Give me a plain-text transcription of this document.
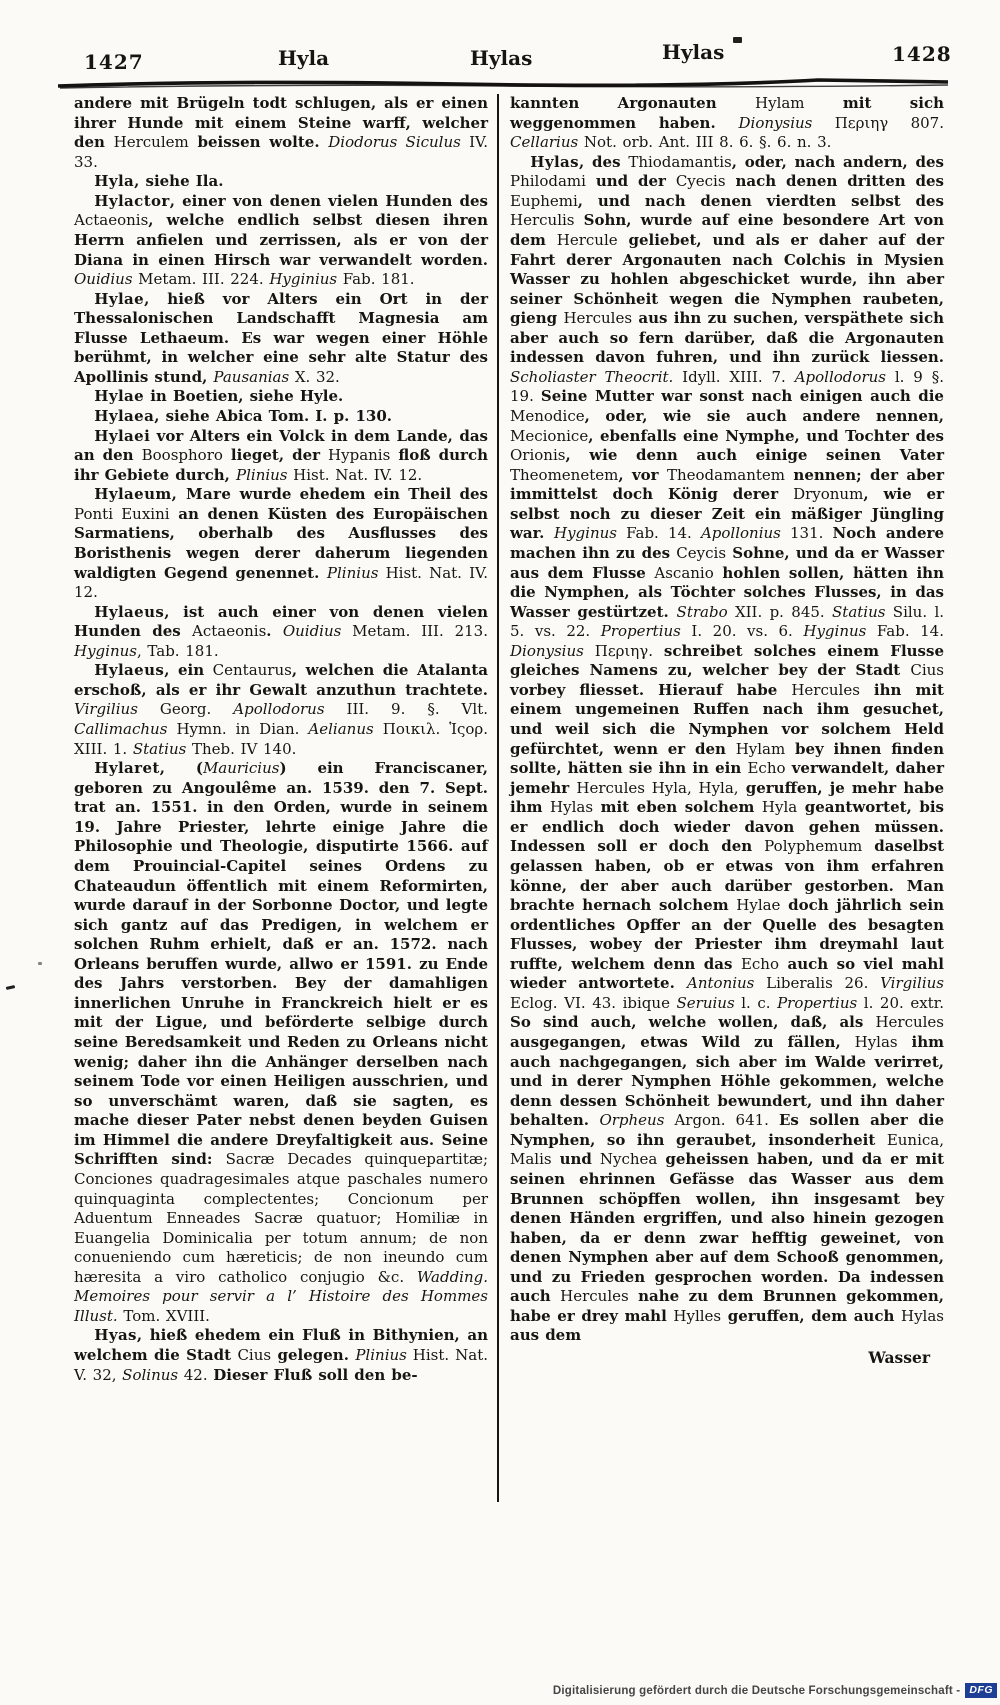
1427	Hyla	Hylas	Hylas	1428

andere mit Brügeln todt schlugen, als er einen ihrer Hunde mit einem Steine warff, welcher den Herculem beissen wolte. Diodorus Siculus IV. 33.

Hyla, siehe Ila.

Hylactor, einer von denen vielen Hunden des Actaeonis, welche endlich selbst diesen ihren Herrn anfielen und zerrissen, als er von der Diana in einen Hirsch war verwandelt worden. Ouidius Metam. III. 224. Hyginius Fab. 181.

Hylae, hieß vor Alters ein Ort in der Thessalonischen Landschafft Magnesia am Flusse Lethaeum. Es war wegen einer Höhle berühmt, in welcher eine sehr alte Statur des Apollinis stund, Pausanias X. 32.

Hylae in Boetien, siehe Hyle.

Hylaea, siehe Abica Tom. I. p. 130.

Hylaei vor Alters ein Volck in dem Lande, das an den Boosphoro lieget, der Hypanis floß durch ihr Gebiete durch, Plinius Hist. Nat. IV. 12.

Hylaeum, Mare wurde ehedem ein Theil des Ponti Euxini an denen Küsten des Europäischen Sarmatiens, oberhalb des Ausflusses des Boristhenis wegen derer daherum liegenden waldigten Gegend genennet. Plinius Hist. Nat. IV. 12.

Hylaeus, ist auch einer von denen vielen Hunden des Actaeonis. Ouidius Metam. III. 213. Hyginus, Tab. 181.

Hylaeus, ein Centaurus, welchen die Atalanta erschoß, als er ihr Gewalt anzuthun trachtete. Virgilius Georg. Apollodorus III. 9. §. Vlt. Callimachus Hymn. in Dian. Aelianus Ποικιλ. Ἱςορ. XIII. 1. Statius Theb. IV 140.

Hylaret, (Mauricius) ein Franciscaner, geboren zu Angoulême an. 1539. den 7. Sept. trat an. 1551. in den Orden, wurde in seinem 19. Jahre Priester, lehrte einige Jahre die Philosophie und Theologie, disputirte 1566. auf dem Prouincial-Capitel seines Ordens zu Chateaudun öffentlich mit einem Reformirten, wurde darauf in der Sorbonne Doctor, und legte sich gantz auf das Predigen, in welchem er solchen Ruhm erhielt, daß er an. 1572. nach Orleans beruffen wurde, allwo er 1591. zu Ende des Jahrs verstorben. Bey der damahligen innerlichen Unruhe in Franckreich hielt er es mit der Ligue, und beförderte selbige durch seine Beredsamkeit und Reden zu Orleans nicht wenig; daher ihn die Anhänger derselben nach seinem Tode vor einen Heiligen ausschrien, und so unverschämt waren, daß sie sagten, es mache dieser Pater nebst denen beyden Guisen im Himmel die andere Dreyfaltigkeit aus. Seine Schrifften sind: Sacræ Decades quinquepartitæ; Conciones quadragesimales atque paschales numero quinquaginta complectentes; Concionum per Aduentum Enneades Sacræ quatuor; Homiliæ in Euangelia Dominicalia per totum annum; de non conueniendo cum hæreticis; de non ineundo cum hæresita a viro catholico conjugio &c. Wadding. Memoires pour servir a l’ Histoire des Hommes Illust. Tom. XVIII.

Hyas, hieß ehedem ein Fluß in Bithynien, an welchem die Stadt Cius gelegen. Plinius Hist. Nat. V. 32, Solinus 42. Dieser Fluß soll den be-

kannten Argonauten Hylam mit sich weggenommen haben. Dionysius Περιηγ 807. Cellarius Not. orb. Ant. III 8. 6. §. 6. n. 3.

Hylas, des Thiodamantis, oder, nach andern, des Philodami und der Cyecis nach denen dritten des Euphemi, und nach denen vierdten selbst des Herculis Sohn, wurde auf eine besondere Art von dem Hercule geliebet, und als er daher auf der Fahrt derer Argonauten nach Colchis in Mysien Wasser zu hohlen abgeschicket wurde, ihn aber seiner Schönheit wegen die Nymphen raubeten, gieng Hercules aus ihn zu suchen, verspäthete sich aber auch so fern darüber, daß die Argonauten indessen davon fuhren, und ihn zurück liessen. Scholiaster Theocrit. Idyll. XIII. 7. Apollodorus l. 9 §. 19. Seine Mutter war sonst nach einigen auch die Menodice, oder, wie sie auch andere nennen, Mecionice, ebenfalls eine Nymphe, und Tochter des Orionis, wie denn auch einige seinen Vater Theomenetem, vor Theodamantem nennen; der aber immittelst doch König derer Dryonum, wie er selbst noch zu dieser Zeit ein mäßiger Jüngling war. Hyginus Fab. 14. Apollonius 131. Noch andere machen ihn zu des Ceycis Sohne, und da er Wasser aus dem Flusse Ascanio hohlen sollen, hätten ihn die Nymphen, als Töchter solches Flusses, in das Wasser gestürtzet. Strabo XII. p. 845. Statius Silu. l. 5. vs. 22. Propertius I. 20. vs. 6. Hyginus Fab. 14. Dionysius Περιηγ. schreibet solches einem Flusse gleiches Namens zu, welcher bey der Stadt Cius vorbey fliesset. Hierauf habe Hercules ihn mit einem ungemeinen Ruffen nach ihm gesuchet, und weil sich die Nymphen vor solchem Held gefürchtet, wenn er den Hylam bey ihnen finden sollte, hätten sie ihn in ein Echo verwandelt, daher jemehr Hercules Hyla, Hyla, geruffen, je mehr habe ihm Hylas mit eben solchem Hyla geantwortet, bis er endlich doch wieder davon gehen müssen. Indessen soll er doch den Polyphemum daselbst gelassen haben, ob er etwas von ihm erfahren könne, der aber auch darüber gestorben. Man brachte hernach solchem Hylae doch jährlich sein ordentliches Opffer an der Quelle des besagten Flusses, wobey der Priester ihm dreymahl laut ruffte, welchem denn das Echo auch so viel mahl wieder antwortete. Antonius Liberalis 26. Virgilius Eclog. VI. 43. ibique Seruius l. c. Propertius l. 20. extr. So sind auch, welche wollen, daß, als Hercules ausgegangen, etwas Wild zu fällen, Hylas ihm auch nachgegangen, sich aber im Walde verirret, und in derer Nymphen Höhle gekommen, welche denn dessen Schönheit bewundert, und ihn daher behalten. Orpheus Argon. 641. Es sollen aber die Nymphen, so ihn geraubet, insonderheit Eunica, Malis und Nychea geheissen haben, und da er mit seinen ehrinnen Gefässe das Wasser aus dem Brunnen schöpffen wollen, ihn insgesamt bey denen Händen ergriffen, und also hinein gezogen haben, da er denn zwar hefftig geweinet, von denen Nymphen aber auf dem Schooß genommen, und zu Frieden gesprochen worden. Da indessen auch Hercules nahe zu dem Brunnen gekommen, habe er drey mahl Hylles geruffen, dem auch Hylas aus dem

Wasser
Digitalisierung gefördert durch die Deutsche Forschungsgemeinschaft - DFG
